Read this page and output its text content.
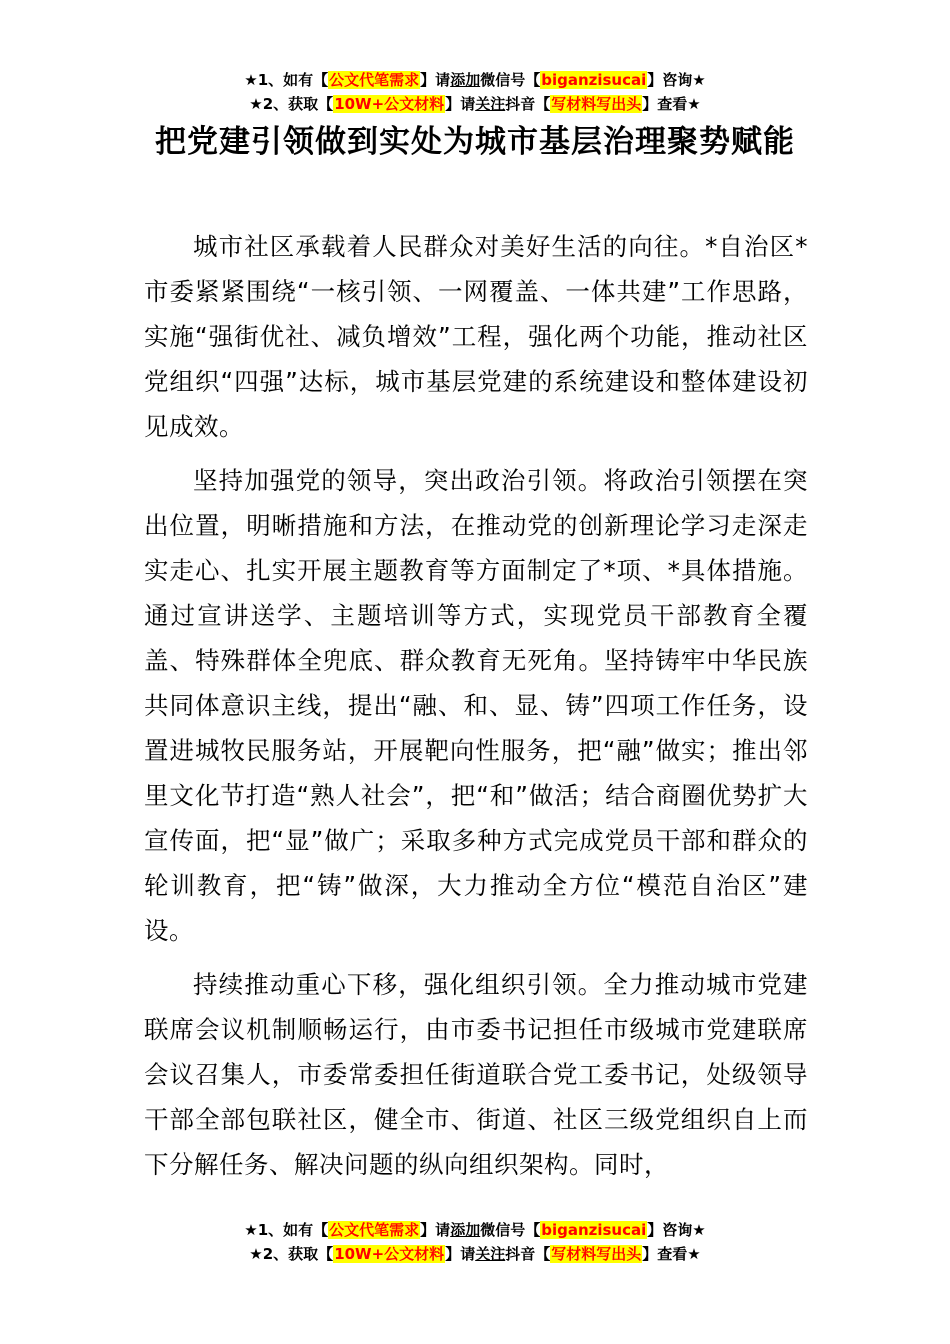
★1、如有【公文代笔需求】请添加微信号【biganzisucai】咨询★
★2、获取【10W+公文材料】请关注抖音【写材料写出头】查看★
把党建引领做到实处为城市基层治理聚势赋能

城市社区承载着人民群众对美好生活的向往。*自治区*市委紧紧围绕“一核引领、一网覆盖、一体共建”工作思路，实施“强街优社、减负增效”工程，强化两个功能，推动社区党组织“四强”达标，城市基层党建的系统建设和整体建设初见成效。

坚持加强党的领导，突出政治引领。将政治引领摆在突出位置，明晰措施和方法，在推动党的创新理论学习走深走实走心、扎实开展主题教育等方面制定了*项、*具体措施。通过宣讲送学、主题培训等方式，实现党员干部教育全覆盖、特殊群体全兜底、群众教育无死角。坚持铸牢中华民族共同体意识主线，提出“融、和、显、铸”四项工作任务，设置进城牧民服务站，开展靶向性服务，把“融”做实；推出邻里文化节打造“熟人社会”，把“和”做活；结合商圈优势扩大宣传面，把“显”做广；采取多种方式完成党员干部和群众的轮训教育，把“铸”做深，大力推动全方位“模范自治区”建设。

持续推动重心下移，强化组织引领。全力推动城市党建联席会议机制顺畅运行，由市委书记担任市级城市党建联席会议召集人，市委常委担任街道联合党工委书记，处级领导干部全部包联社区，健全市、街道、社区三级党组织自上而下分解任务、解决问题的纵向组织架构。同时，

★1、如有【公文代笔需求】请添加微信号【biganzisucai】咨询★
★2、获取【10W+公文材料】请关注抖音【写材料写出头】查看★
